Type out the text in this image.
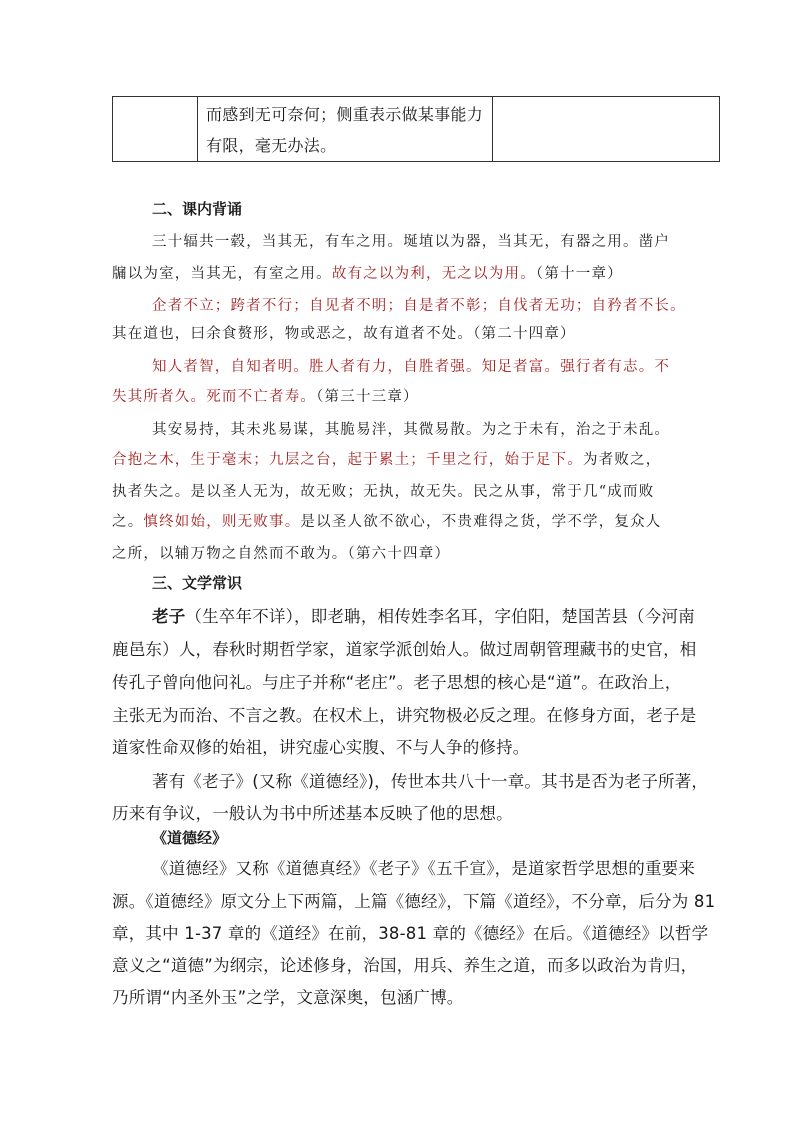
而感到无可奈何；侧重表示做某事能力
有限，毫无办法。

二、课内背诵
三十辐共一毂，当其无，有车之用。埏埴以为器，当其无，有器之用。凿户
牖以为室，当其无，有室之用。故有之以为利，无之以为用。（第十一章）
企者不立；跨者不行；自见者不明；自是者不彰；自伐者无功；自矜者不长。
其在道也，曰余食赘形，物或恶之，故有道者不处。（第二十四章）
知人者智，自知者明。胜人者有力，自胜者强。知足者富。强行者有志。不
失其所者久。死而不亡者寿。（第三十三章）
其安易持，其未兆易谋，其脆易泮，其微易散。为之于未有，治之于未乱。
合抱之木，生于毫末；九层之台，起于累土；千里之行，始于足下。为者败之，
执者失之。是以圣人无为，故无败；无执，故无失。民之从事，常于几“成而败
之。慎终如始，则无败事。是以圣人欲不欲心，不贵难得之货，学不学，复众人
之所，以辅万物之自然而不敢为。（第六十四章）
三、文学常识
老子（生卒年不详），即老聃，相传姓李名耳，字伯阳，楚国苦县（今河南
鹿邑东）人，春秋时期哲学家，道家学派创始人。做过周朝管理藏书的史官，相
传孔子曾向他问礼。与庄子并称“老庄”。老子思想的核心是“道”。在政治上，
主张无为而治、不言之教。在权术上，讲究物极必反之理。在修身方面，老子是
道家性命双修的始祖，讲究虚心实腹、不与人争的修持。
著有《老子》(又称《道德经》)，传世本共八十一章。其书是否为老子所著，
历来有争议，一般认为书中所述基本反映了他的思想。
《道德经》
《道德经》又称《道德真经》《老子》《五千宣》，是道家哲学思想的重要来
源。《道德经》原文分上下两篇，上篇《德经》，下篇《道经》，不分章，后分为 81
章，其中 1-37 章的《道经》在前，38-81 章的《德经》在后。《道德经》以哲学
意义之“道德”为纲宗，论述修身，治国，用兵、养生之道，而多以政治为肯归，
乃所谓“内圣外玉”之学，文意深奥，包涵广博。
